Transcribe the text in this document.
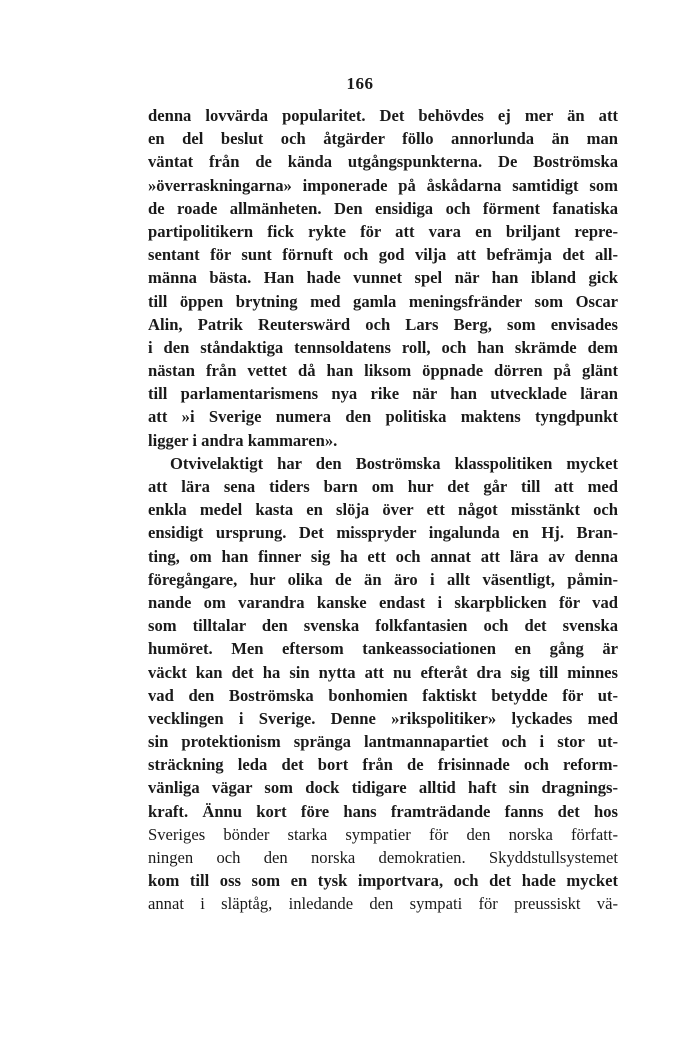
166
denna lovvärda popularitet. Det behövdes ej mer än att
en del beslut och åtgärder föllo annorlunda än man
väntat från de kända utgångspunkterna. De Boströmska
»överraskningarna» imponerade på åskådarna samtidigt som
de roade allmänheten. Den ensidiga och förment fanatiska
partipolitikern fick rykte för att vara en briljant repre-
sentant för sunt förnuft och god vilja att befrämja det all-
männa bästa. Han hade vunnet spel när han ibland gick
till öppen brytning med gamla meningsfränder som Oscar
Alin, Patrik Reuterswärd och Lars Berg, som envisades
i den ståndaktiga tennsoldatens roll, och han skrämde dem
nästan från vettet då han liksom öppnade dörren på glänt
till parlamentarismens nya rike när han utvecklade läran
att »i Sverige numera den politiska maktens tyngdpunkt
ligger i andra kammaren».
Otvivelaktigt har den Boströmska klasspolitiken mycket
att lära sena tiders barn om hur det går till att med
enkla medel kasta en slöja över ett något misstänkt och
ensidigt ursprung. Det misspryder ingalunda en Hj. Bran-
ting, om han finner sig ha ett och annat att lära av denna
föregångare, hur olika de än äro i allt väsentligt, påmin-
nande om varandra kanske endast i skarpblicken för vad
som tilltalar den svenska folkfantasien och det svenska
humöret. Men eftersom tankeassociationen en gång är
väckt kan det ha sin nytta att nu efteråt dra sig till minnes
vad den Boströmska bonhomien faktiskt betydde för ut-
vecklingen i Sverige. Denne »rikspolitiker» lyckades med
sin protektionism spränga lantmannapartiet och i stor ut-
sträckning leda det bort från de frisinnade och reform-
vänliga vägar som dock tidigare alltid haft sin dragnings-
kraft. Ännu kort före hans framträdande fanns det hos
Sveriges bönder starka sympatier för den norska författ-
ningen och den norska demokratien. Skyddstullsystemet
kom till oss som en tysk importvara, och det hade mycket
annat i släptåg, inledande den sympati för preussiskt vä-
